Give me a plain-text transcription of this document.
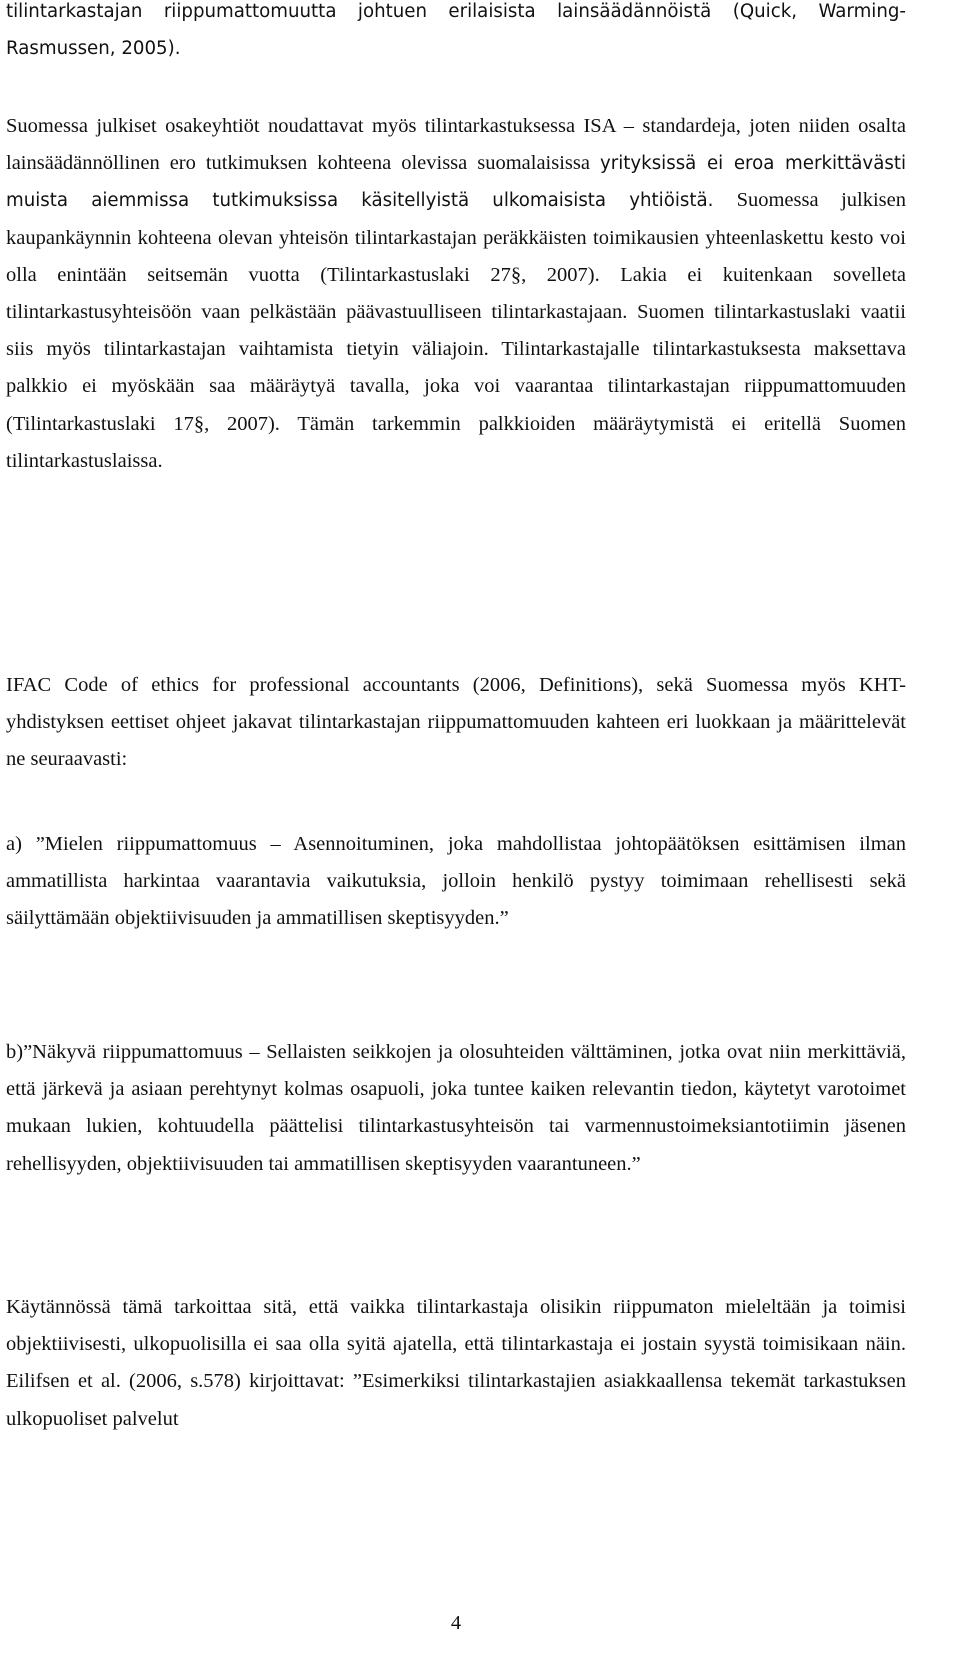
tilintarkastajan riippumattomuutta johtuen erilaisista lainsäädännöistä (Quick, Warming-Rasmussen, 2005).

Suomessa julkiset osakeyhtiöt noudattavat myös tilintarkastuksessa ISA – standardeja, joten niiden osalta lainsäädännöllinen ero tutkimuksen kohteena olevissa suomalaisissa yrityksissä ei eroa merkittävästi muista aiemmissa tutkimuksissa käsitellyistä ulkomaisista yhtiöistä. Suomessa julkisen kaupankäynnin kohteena olevan yhteisön tilintarkastajan peräkkäisten toimikausien yhteenlaskettu kesto voi olla enintään seitsemän vuotta (Tilintarkastuslaki 27§, 2007). Lakia ei kuitenkaan sovelleta tilintarkastusyhteisöön vaan pelkästään päävastuulliseen tilintarkastajaan. Suomen tilintarkastuslaki vaatii siis myös tilintarkastajan vaihtamista tietyin väliajoin. Tilintarkastajalle tilintarkastuksesta maksettava palkkio ei myöskään saa määräytyä tavalla, joka voi vaarantaa tilintarkastajan riippumattomuuden (Tilintarkastuslaki 17§, 2007). Tämän tarkemmin palkkioiden määräytymistä ei eritellä Suomen tilintarkastuslaissa.

IFAC Code of ethics for professional accountants (2006, Definitions), sekä Suomessa myös KHT-yhdistyksen eettiset ohjeet jakavat tilintarkastajan riippumattomuuden kahteen eri luokkaan ja määrittelevät ne seuraavasti:

a) ”Mielen riippumattomuus – Asennoituminen, joka mahdollistaa johtopäätöksen esittämisen ilman ammatillista harkintaa vaarantavia vaikutuksia, jolloin henkilö pystyy toimimaan rehellisesti sekä säilyttämään objektiivisuuden ja ammatillisen skeptisyyden.”

b)”Näkyvä riippumattomuus – Sellaisten seikkojen ja olosuhteiden välttäminen, jotka ovat niin merkittäviä, että järkevä ja asiaan perehtynyt kolmas osapuoli, joka tuntee kaiken relevantin tiedon, käytetyt varotoimet mukaan lukien, kohtuudella päättelisi tilintarkastusyhteisön tai varmennustoimeksiantotiimin jäsenen rehellisyyden, objektiivisuuden tai ammatillisen skeptisyyden vaarantuneen.”

Käytännössä tämä tarkoittaa sitä, että vaikka tilintarkastaja olisikin riippumaton mieleltään ja toimisi objektiivisesti, ulkopuolisilla ei saa olla syitä ajatella, että tilintarkastaja ei jostain syystä toimisikaan näin. Eilifsen et al. (2006, s.578) kirjoittavat: ”Esimerkiksi tilintarkastajien asiakkaallensa tekemät tarkastuksen ulkopuoliset palvelut

4
